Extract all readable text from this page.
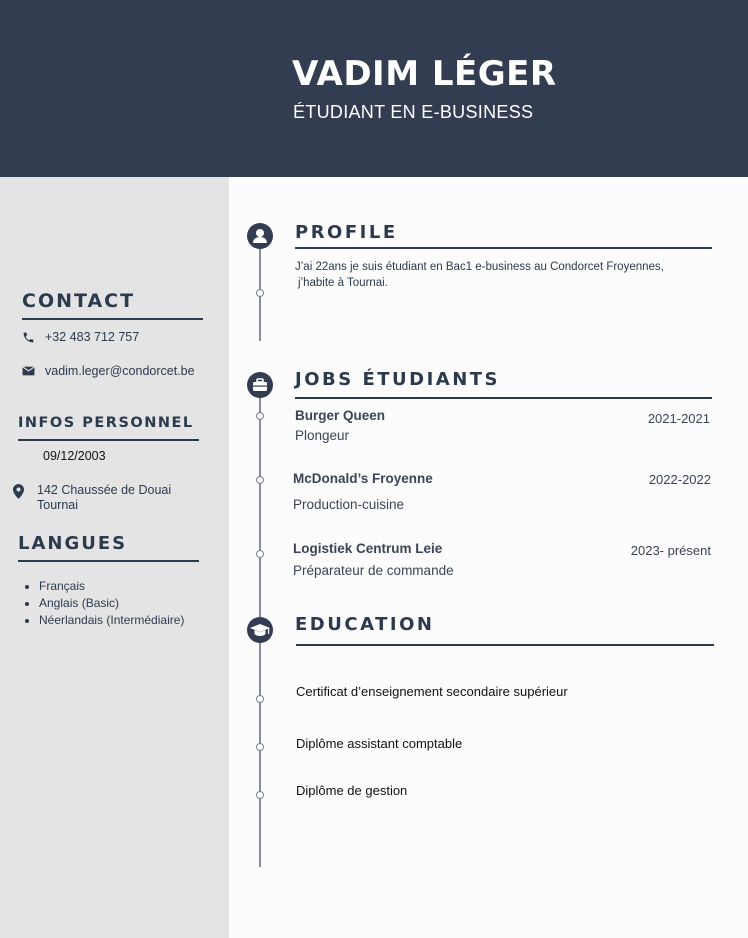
VADIM LÉGER
ÉTUDIANT EN E-BUSINESS
CONTACT
+32 483 712 757
vadim.leger@condorcet.be
INFOS PERSONNEL
09/12/2003
142 Chaussée de Douai
Tournai
LANGUES
• Français
• Anglais (Basic)
• Néerlandais (Intermédiaire)
PROFILE
J’ai 22ans je suis étudiant en Bac1 e-business au Condorcet Froyennes,
j’habite à Tournai.
JOBS ÉTUDIANTS
Burger Queen	2021-2021
Plongeur
McDonald’s Froyenne	2022-2022
Production-cuisine
Logistiek Centrum Leie	2023- présent
Préparateur de commande
EDUCATION
Certificat d’enseignement secondaire supérieur
Diplôme assistant comptable
Diplôme de gestion
